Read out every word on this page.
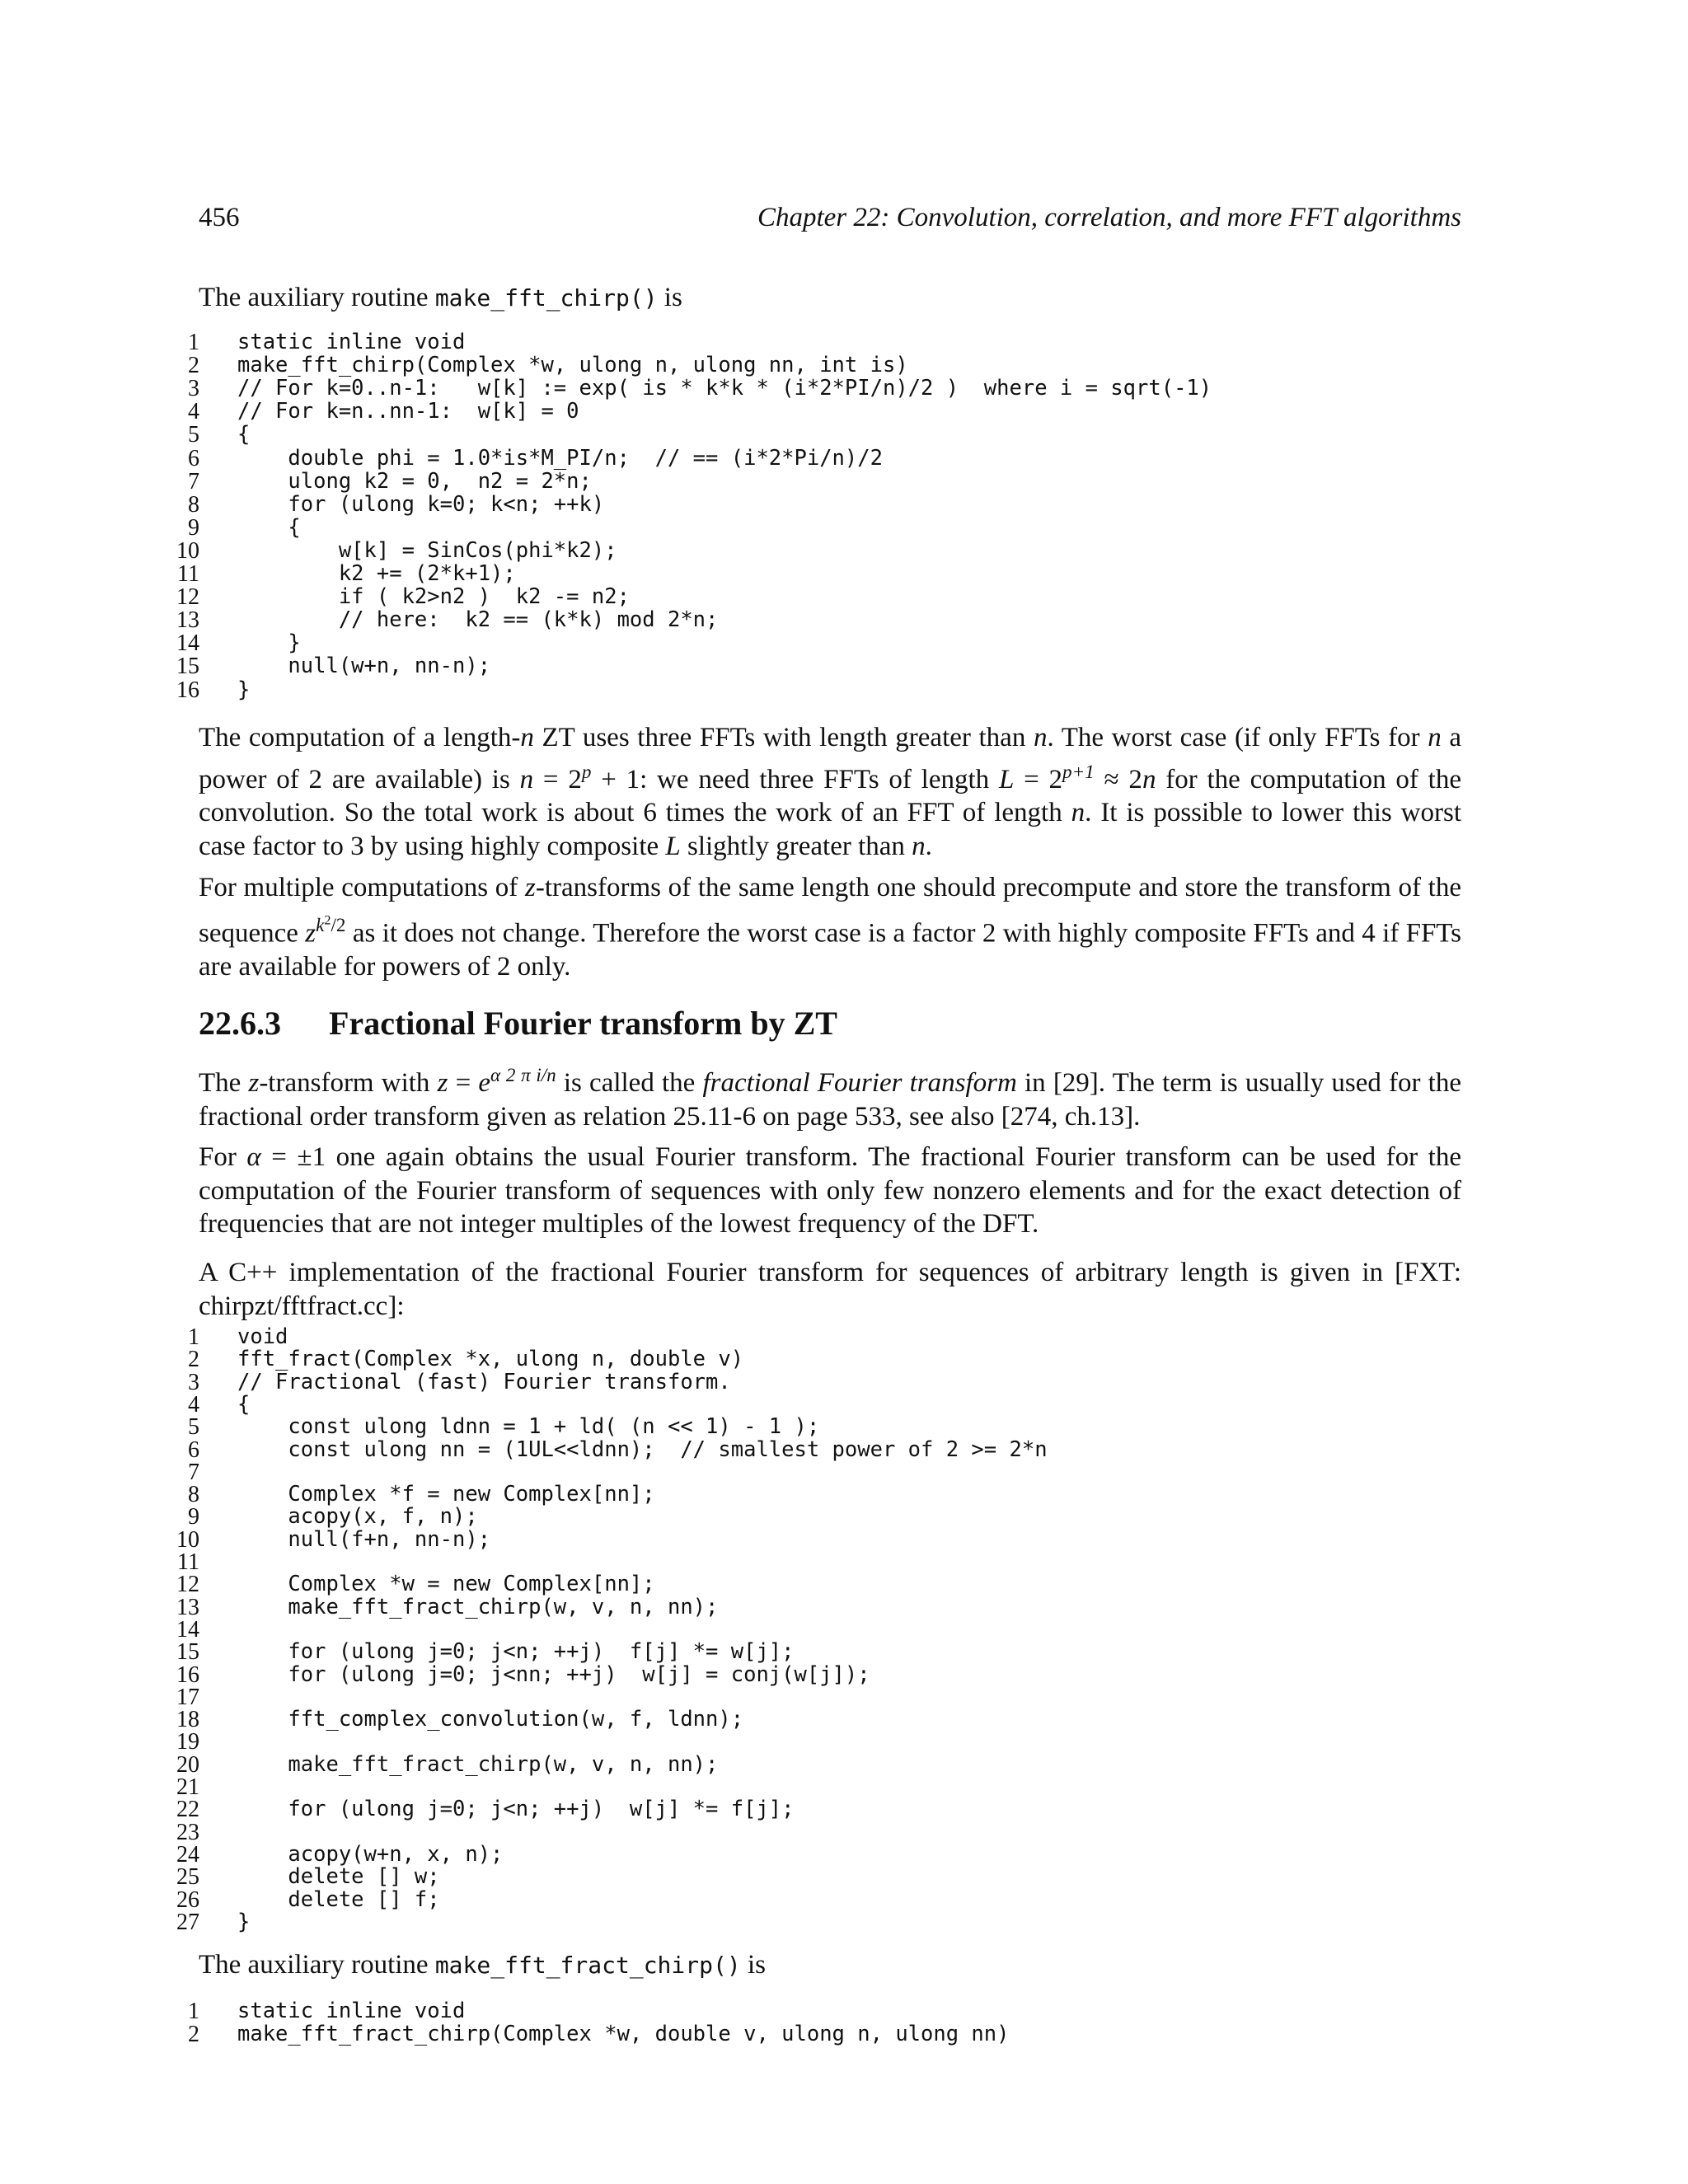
456	Chapter 22: Convolution, correlation, and more FFT algorithms
The auxiliary routine make_fft_chirp() is
1 static inline void
2 make_fft_chirp(Complex *w, ulong n, ulong nn, int is)
3 // For k=0..n-1:   w[k] := exp( is * k*k * (i*2*PI/n)/2 )  where i = sqrt(-1)
4 // For k=n..nn-1:  w[k] = 0
5 {
6 double phi = 1.0*is*M_PI/n;  // == (i*2*Pi/n)/2
7 ulong k2 = 0,  n2 = 2*n;
8 for (ulong k=0; k<n; ++k)
9 {
10 w[k] = SinCos(phi*k2);
11 k2 += (2*k+1);
12 if ( k2>n2 )  k2 -= n2;
13 // here:  k2 == (k*k) mod 2*n;
14 }
15 null(w+n, nn-n);
16 }
The computation of a length-n ZT uses three FFTs with length greater than n. The worst case (if only FFTs for n a power of 2 are available) is $n = 2^p + 1$: we need three FFTs of length $L = 2^{p+1} \approx 2n$ for the computation of the convolution. So the total work is about 6 times the work of an FFT of length n. It is possible to lower this worst case factor to 3 by using highly composite L slightly greater than n.
For multiple computations of z-transforms of the same length one should precompute and store the transform of the sequence $z^{k^2/2}$ as it does not change. Therefore the worst case is a factor 2 with highly composite FFTs and 4 if FFTs are available for powers of 2 only.
22.6.3 Fractional Fourier transform by ZT
The z-transform with $z = e^{\alpha 2 \pi i/n}$ is called the fractional Fourier transform in [29]. The term is usually used for the fractional order transform given as relation 25.11-6 on page 533, see also [274, ch.13].
For α = ±1 one again obtains the usual Fourier transform. The fractional Fourier transform can be used for the computation of the Fourier transform of sequences with only few nonzero elements and for the exact detection of frequencies that are not integer multiples of the lowest frequency of the DFT.
A C++ implementation of the fractional Fourier transform for sequences of arbitrary length is given in [FXT: chirpzt/fftfract.cc]:
1 void
2 fft_fract(Complex *x, ulong n, double v)
3 // Fractional (fast) Fourier transform.
4 {
5 const ulong ldnn = 1 + ld( (n << 1) - 1 );
6 const ulong nn = (1UL<<ldnn);  // smallest power of 2 >= 2*n
7
8 Complex *f = new Complex[nn];
9 acopy(x, f, n);
10 null(f+n, nn-n);
11
12 Complex *w = new Complex[nn];
13 make_fft_fract_chirp(w, v, n, nn);
14
15 for (ulong j=0; j<n; ++j)  f[j] *= w[j];
16 for (ulong j=0; j<nn; ++j)  w[j] = conj(w[j]);
17
18 fft_complex_convolution(w, f, ldnn);
19
20 make_fft_fract_chirp(w, v, n, nn);
21
22 for (ulong j=0; j<n; ++j)  w[j] *= f[j];
23
24 acopy(w+n, x, n);
25 delete [] w;
26 delete [] f;
27 }
The auxiliary routine make_fft_fract_chirp() is
1 static inline void
2 make_fft_fract_chirp(Complex *w, double v, ulong n, ulong nn)
